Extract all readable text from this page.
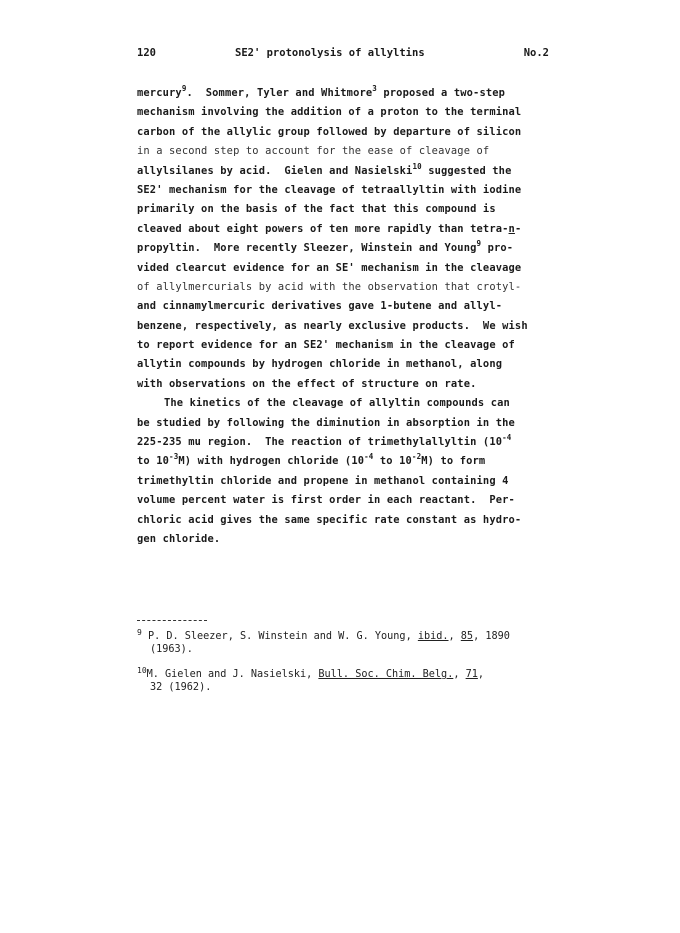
120	SE2' protonolysis of allyltins	No.2
mercury$^9$.  Sommer, Tyler and Whitmore$^3$ proposed a two-step
mechanism involving the addition of a proton to the terminal
carbon of the allylic group followed by departure of silicon
in a second step to account for the ease of cleavage of
allylsilanes by acid.  Gielen and Nasielski$^{10}$ suggested the
SE2' mechanism for the cleavage of tetraallyltin with iodine
primarily on the basis of the fact that this compound is
cleaved about eight powers of ten more rapidly than tetra-n-
propyltin.  More recently Sleezer, Winstein and Young$^9$ pro-
vided clearcut evidence for an SE' mechanism in the cleavage
of allylmercurials by acid with the observation that crotyl-
and cinnamylmercuric derivatives gave 1-butene and allyl-
benzene, respectively, as nearly exclusive products.  We wish
to report evidence for an SE2' mechanism in the cleavage of
allytin compounds by hydrogen chloride in methanol, along
with observations on the effect of structure on rate.
The kinetics of the cleavage of allyltin compounds can
be studied by following the diminution in absorption in the
225-235 mu region.  The reaction of trimethylallyltin ($10^{-4}$
to $10^{-3}M$) with hydrogen chloride ($10^{-4}$ to $10^{-2}M$) to form
trimethyltin chloride and propene in methanol containing 4
volume percent water is first order in each reactant.  Per-
chloric acid gives the same specific rate constant as hydro-
gen chloride.
$^9$ P. D. Sleezer, S. Winstein and W. G. Young, ibid., 85, 1890
(1963).
$^{10}$M. Gielen and J. Nasielski, Bull. Soc. Chim. Belg., 71,
32 (1962).
